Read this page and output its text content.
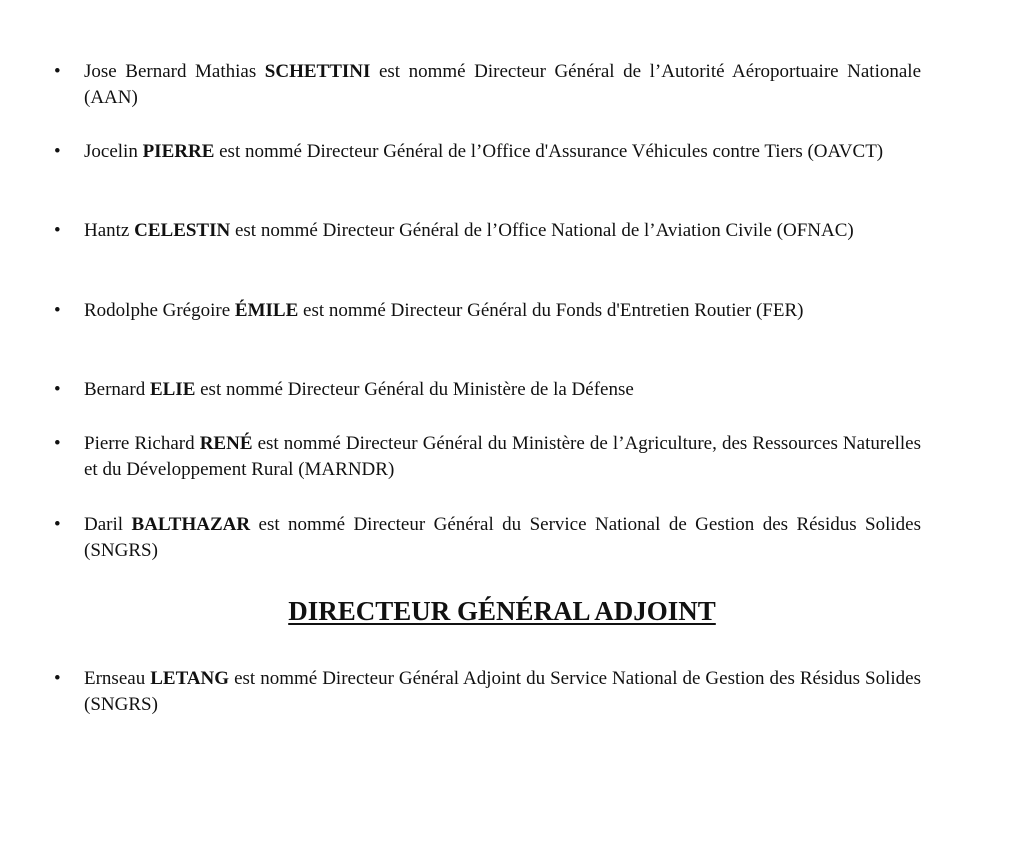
• Jose Bernard Mathias SCHETTINI est nommé Directeur Général de l’Autorité Aéroportuaire Nationale (AAN)
• Jocelin PIERRE est nommé Directeur Général de l’Office d'Assurance Véhicules contre Tiers (OAVCT)
• Hantz CELESTIN est nommé Directeur Général de l’Office National de l’Aviation Civile (OFNAC)
• Rodolphe Grégoire ÉMILE est nommé Directeur Général du Fonds d'Entretien Routier (FER)
• Bernard ELIE est nommé Directeur Général du Ministère de la Défense
• Pierre Richard RENÉ est nommé Directeur Général du Ministère de l’Agriculture, des Ressources Naturelles et du Développement Rural (MARNDR)
• Daril BALTHAZAR est nommé Directeur Général du Service National de Gestion des Résidus Solides (SNGRS)
DIRECTEUR GÉNÉRAL ADJOINT
• Ernseau LETANG est nommé Directeur Général Adjoint du Service National de Gestion des Résidus Solides (SNGRS)
